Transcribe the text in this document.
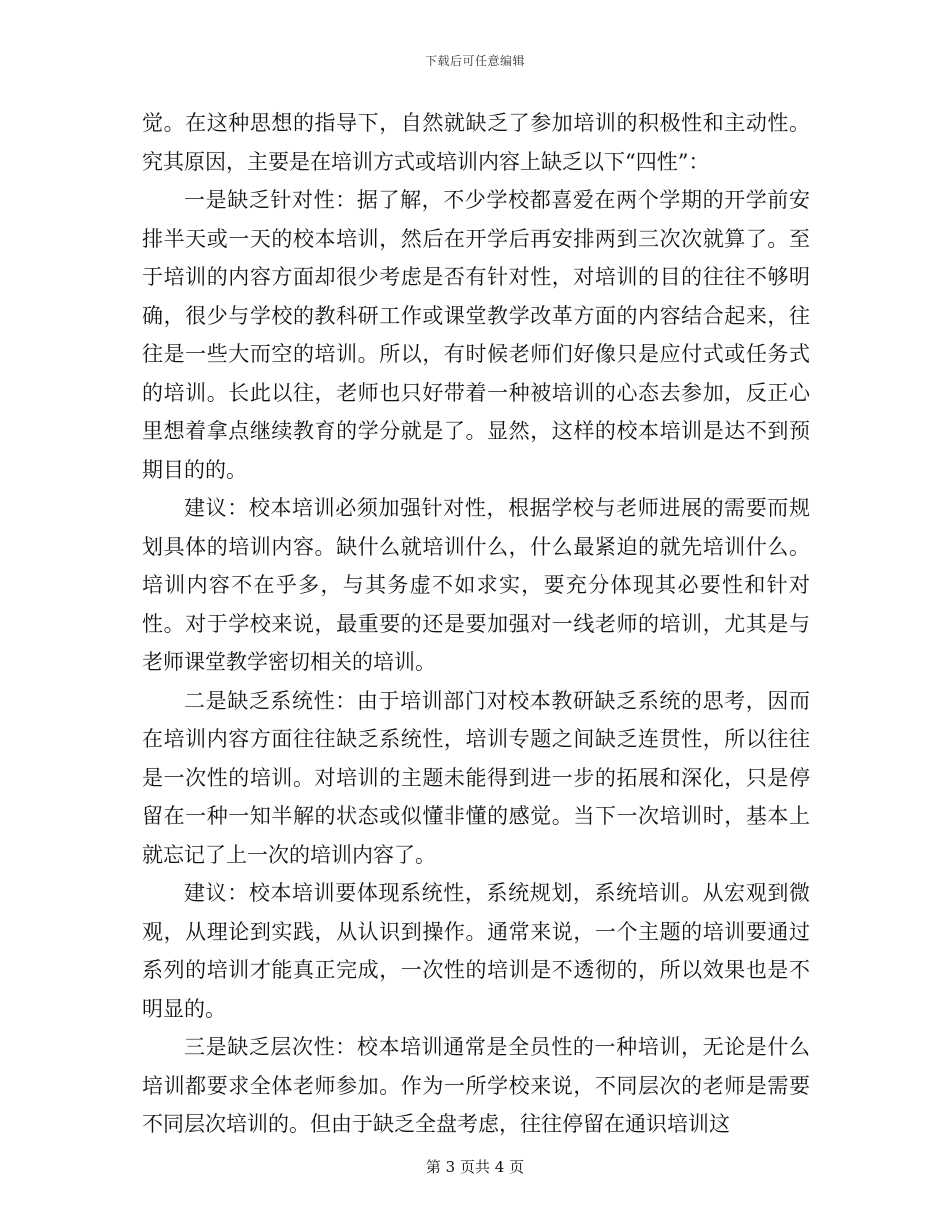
下载后可任意编辑

觉。在这种思想的指导下，自然就缺乏了参加培训的积极性和主动性。究其原因，主要是在培训方式或培训内容上缺乏以下“四性”：

一是缺乏针对性：据了解，不少学校都喜爱在两个学期的开学前安排半天或一天的校本培训，然后在开学后再安排两到三次次就算了。至于培训的内容方面却很少考虑是否有针对性，对培训的目的往往不够明确，很少与学校的教科研工作或课堂教学改革方面的内容结合起来，往往是一些大而空的培训。所以，有时候老师们好像只是应付式或任务式的培训。长此以往，老师也只好带着一种被培训的心态去参加，反正心里想着拿点继续教育的学分就是了。显然，这样的校本培训是达不到预期目的的。

建议：校本培训必须加强针对性，根据学校与老师进展的需要而规划具体的培训内容。缺什么就培训什么，什么最紧迫的就先培训什么。培训内容不在乎多，与其务虚不如求实，要充分体现其必要性和针对性。对于学校来说，最重要的还是要加强对一线老师的培训，尤其是与老师课堂教学密切相关的培训。

二是缺乏系统性：由于培训部门对校本教研缺乏系统的思考，因而在培训内容方面往往缺乏系统性，培训专题之间缺乏连贯性，所以往往是一次性的培训。对培训的主题未能得到进一步的拓展和深化，只是停留在一种一知半解的状态或似懂非懂的感觉。当下一次培训时，基本上就忘记了上一次的培训内容了。

建议：校本培训要体现系统性，系统规划，系统培训。从宏观到微观，从理论到实践，从认识到操作。通常来说，一个主题的培训要通过系列的培训才能真正完成，一次性的培训是不透彻的，所以效果也是不明显的。

三是缺乏层次性：校本培训通常是全员性的一种培训，无论是什么培训都要求全体老师参加。作为一所学校来说，不同层次的老师是需要不同层次培训的。但由于缺乏全盘考虑，往往停留在通识培训这

第 3 页共 4 页
